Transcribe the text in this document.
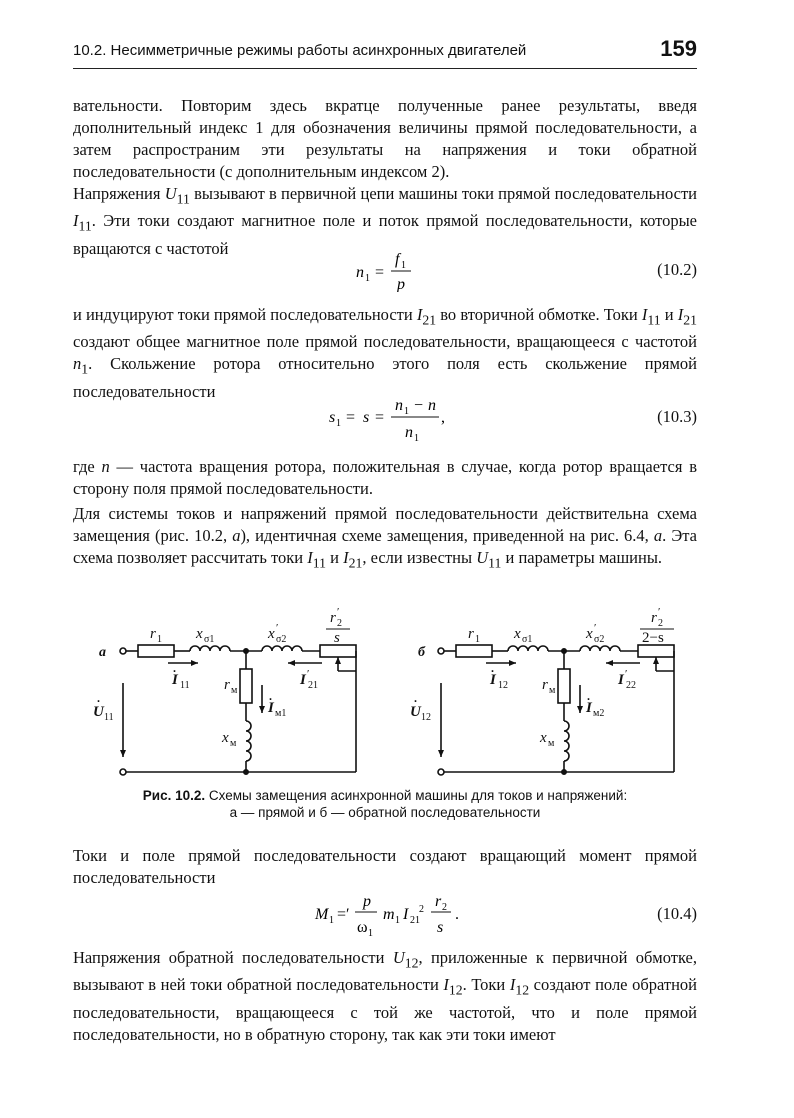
10.2. Несимметричные режимы работы асинхронных двигателей	159

вательности. Повторим здесь вкратце полученные ранее результаты, введя дополнительный индекс 1 для обозначения величины прямой последовательности, а затем распространим эти результаты на напряжения и токи обратной последовательности (с дополнительным индексом 2).

Напряжения $U_{11}$ вызывают в первичной цепи машины токи прямой последовательности $I_{11}$. Эти токи создают магнитное поле и поток прямой последовательности, которые вращаются с частотой

n 1 =
f 1
p
(10.2)

и индуцируют токи прямой последовательности $I_{21}$ во вторичной обмотке. Токи $I_{11}$ и $I_{21}$ создают общее магнитное поле прямой последовательности, вращающееся с частотой $n_1$. Скольжение ротора относительно этого поля есть скольжение прямой последовательности

s 1 = s =
n 1 − n
n 1
,	(10.3)

где n — частота вращения ротора, положительная в случае, когда ротор вращается в сторону поля прямой последовательности.

Для системы токов и напряжений прямой последовательности действительна схема замещения (рис. 10.2, а), идентичная схеме замещения, приведенной на рис. 6.4, а. Эта схема позволяет рассчитать токи $I_{11}$ и $I_{21}$, если известны $U_{11}$ и параметры машины.

а
r 1 x σ1	x ′
σ2
r ′
2
s
I
.
11	I ′
21
r м
I
.
м1
x м
U
.
11
б
r 1 x σ1	x ′
σ2
r ′
2
2−s
I
.
12	I ′
22
r м
I
.
м2
x м
U
.
12
Рис. 10.2. Схемы замещения асинхронной машины для токов и напряжений:
а — прямой и б — обратной последовательности

Токи и поле прямой последовательности создают вращающий момент прямой последовательности

M 1 =′
p
ω 1
m 1 I 21
2 r 2
s
.	(10.4)

Напряжения обратной последовательности $U_{12}$, приложенные к первичной обмотке, вызывают в ней токи обратной последовательности $I_{12}$. Токи $I_{12}$ создают поле обратной последовательности, вращающееся с той же частотой, что и поле прямой последовательности, но в обратную сторону, так как эти токи имеют
